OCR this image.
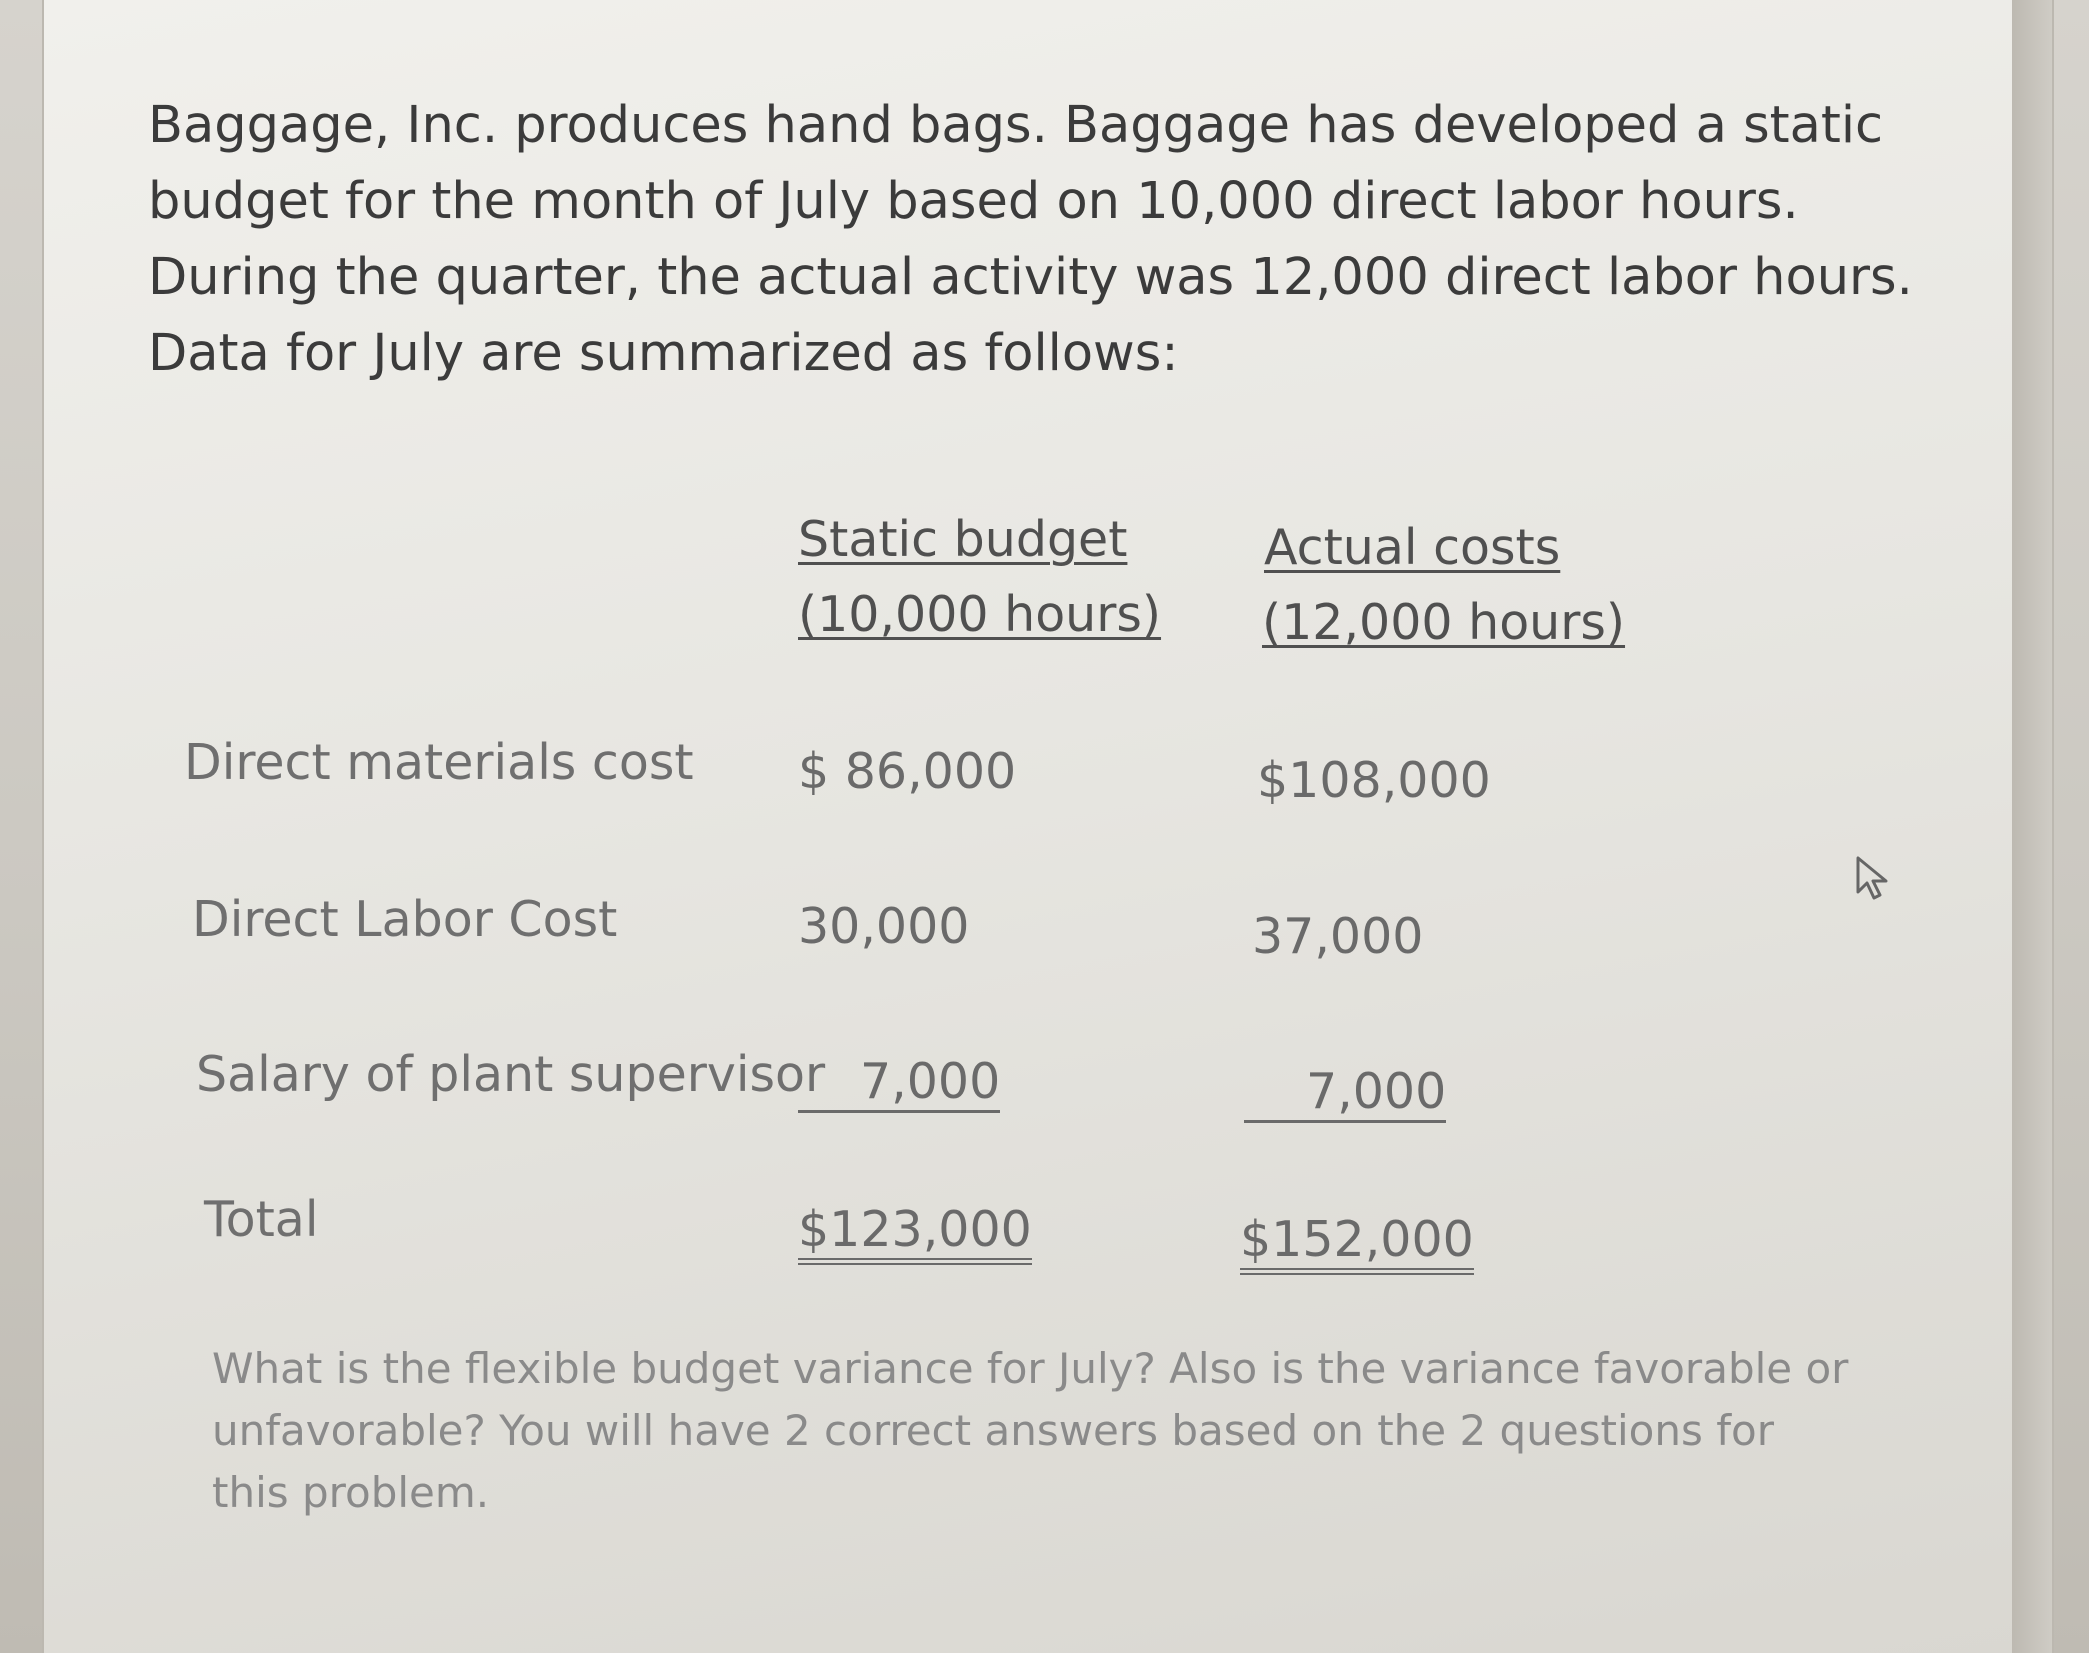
Baggage, Inc. produces hand bags. Baggage has developed a static budget for the month of July based on 10,000 direct labor hours. During the quarter, the actual activity was 12,000 direct labor hours. Data for July are summarized as follows:

Static budget
(10,000 hours)
Actual costs
(12,000 hours)
Direct materials cost $ 86,000	$108,000
Direct Labor Cost	30,000	37,000
Salary of plant supervisor 7,000	7,000
Total	$123,000	$152,000

What is the flexible budget variance for July? Also is the variance favorable or unfavorable? You will have 2 correct answers based on the 2 questions for this problem.
